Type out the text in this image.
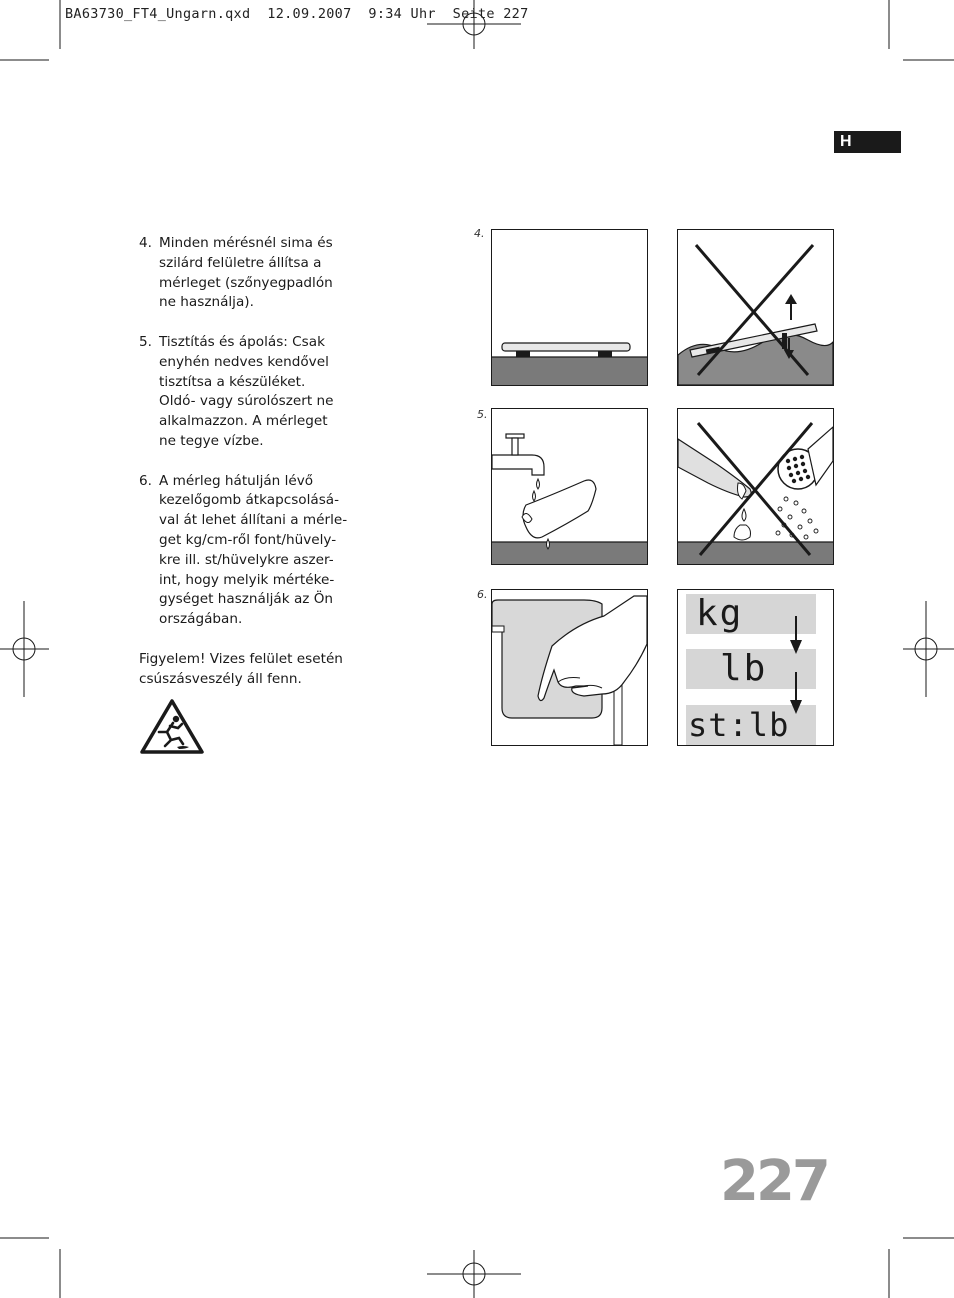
BA63730_FT4_Ungarn.qxd  12.09.2007  9:34 Uhr  Seite 227
H
4. Minden mérésnél sima és
szilárd felületre állítsa a
mérleget (szőnyegpadlón
ne használja).
5. Tisztítás és ápolás: Csak
enyhén nedves kendővel
tisztítsa a készüléket.
Oldó- vagy súrolószert ne
alkalmazzon. A mérleget
ne tegye vízbe.
6. A mérleg hátulján lévő
kezelőgomb átkapcsolásá-
val át lehet állítani a mérle-
get kg/cm-ről font/hüvely-
kre ill. st/hüvelykre aszer-
int, hogy melyik mértéke-
gységet használják az Ön
országában.
Figyelem! Vizes felület esetén
csúszásveszély áll fenn.
4.
5.
6.	kg
lb
st:lb
227
